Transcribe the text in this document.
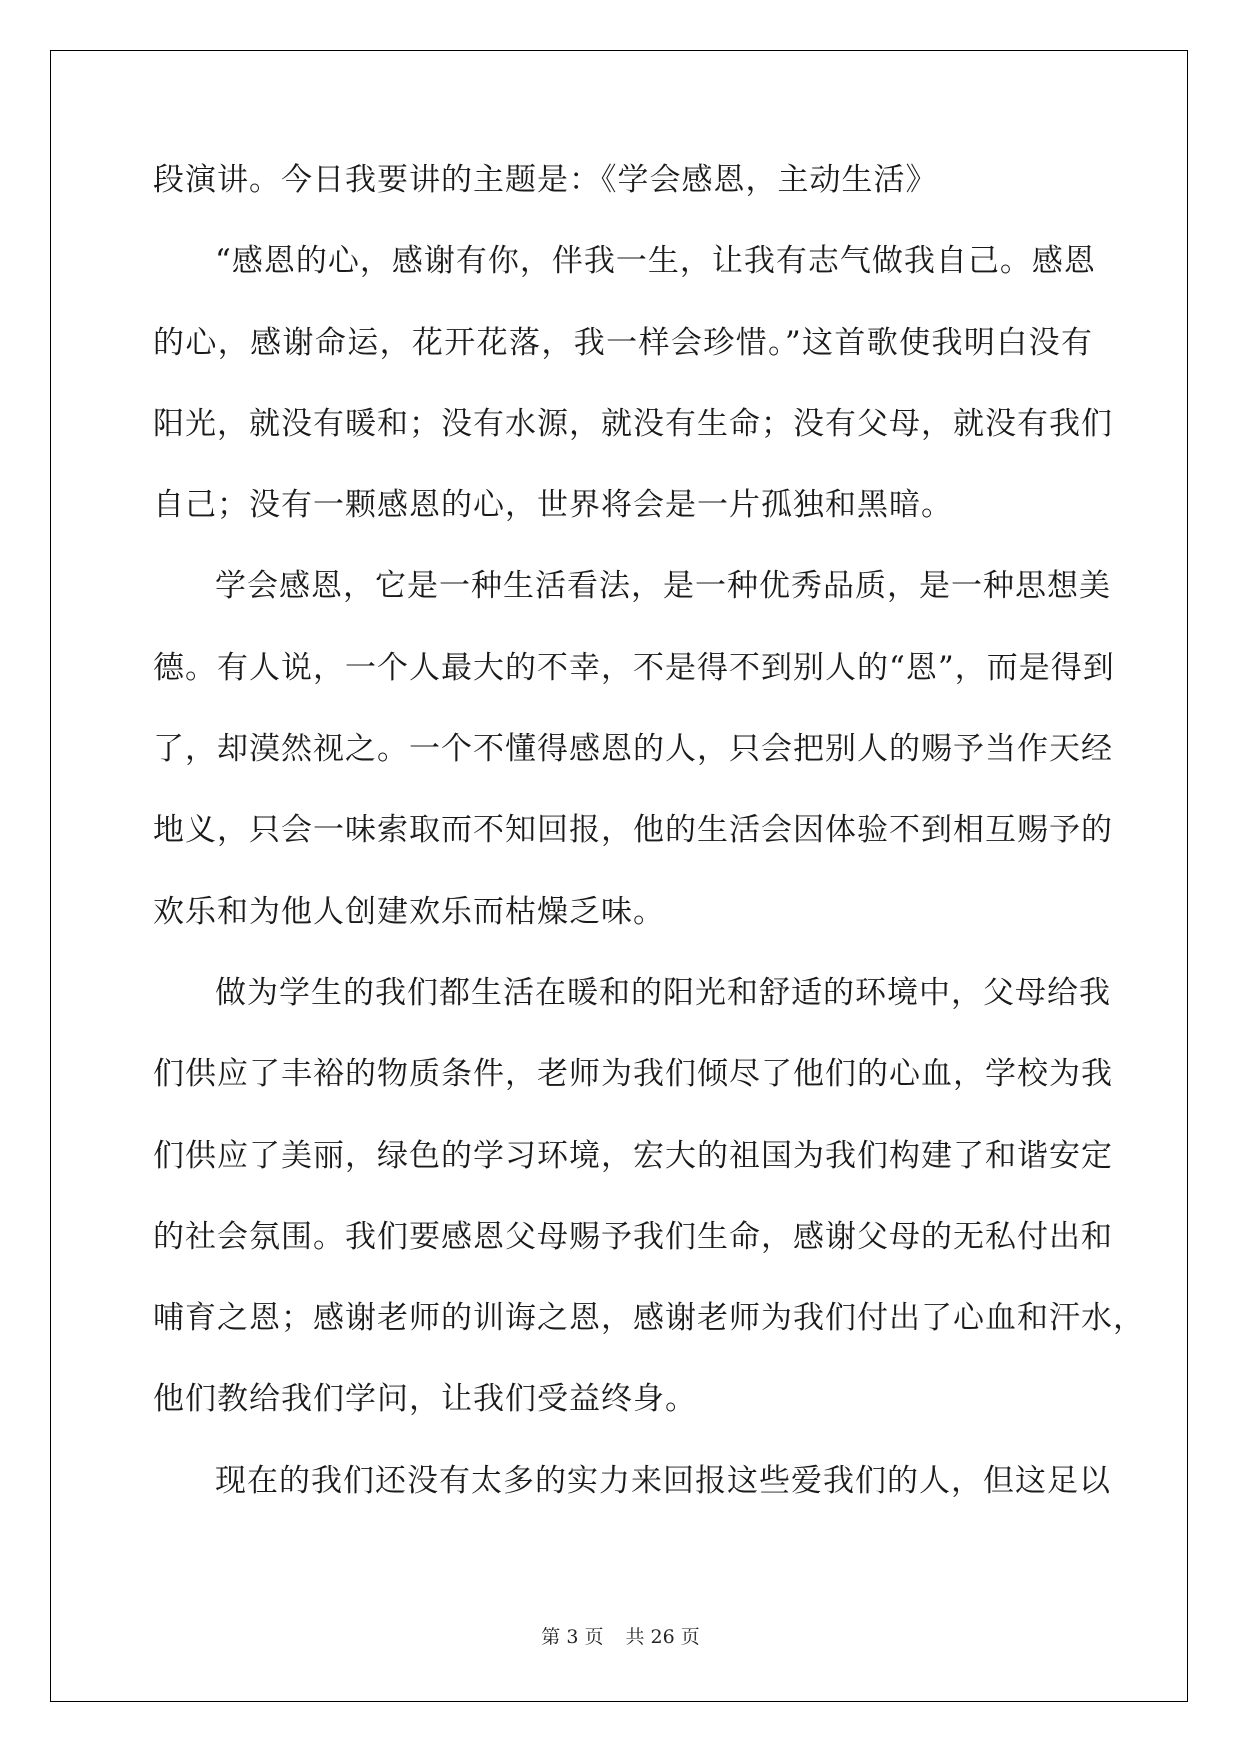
段演讲。今日我要讲的主题是：《学会感恩，主动生活》
“感恩的心，感谢有你，伴我一生，让我有志气做我自己。感恩
的心，感谢命运，花开花落，我一样会珍惜。”这首歌使我明白没有
阳光，就没有暖和；没有水源，就没有生命；没有父母，就没有我们
自己；没有一颗感恩的心，世界将会是一片孤独和黑暗。
学会感恩，它是一种生活看法，是一种优秀品质，是一种思想美
德。有人说，一个人最大的不幸，不是得不到别人的“恩”，而是得到
了，却漠然视之。一个不懂得感恩的人，只会把别人的赐予当作天经
地义，只会一味索取而不知回报，他的生活会因体验不到相互赐予的
欢乐和为他人创建欢乐而枯燥乏味。
做为学生的我们都生活在暖和的阳光和舒适的环境中，父母给我
们供应了丰裕的物质条件，老师为我们倾尽了他们的心血，学校为我
们供应了美丽，绿色的学习环境，宏大的祖国为我们构建了和谐安定
的社会氛围。我们要感恩父母赐予我们生命，感谢父母的无私付出和
哺育之恩；感谢老师的训诲之恩，感谢老师为我们付出了心血和汗水，
他们教给我们学问，让我们受益终身。
现在的我们还没有太多的实力来回报这些爱我们的人，但这足以
第 3 页 共 26 页
